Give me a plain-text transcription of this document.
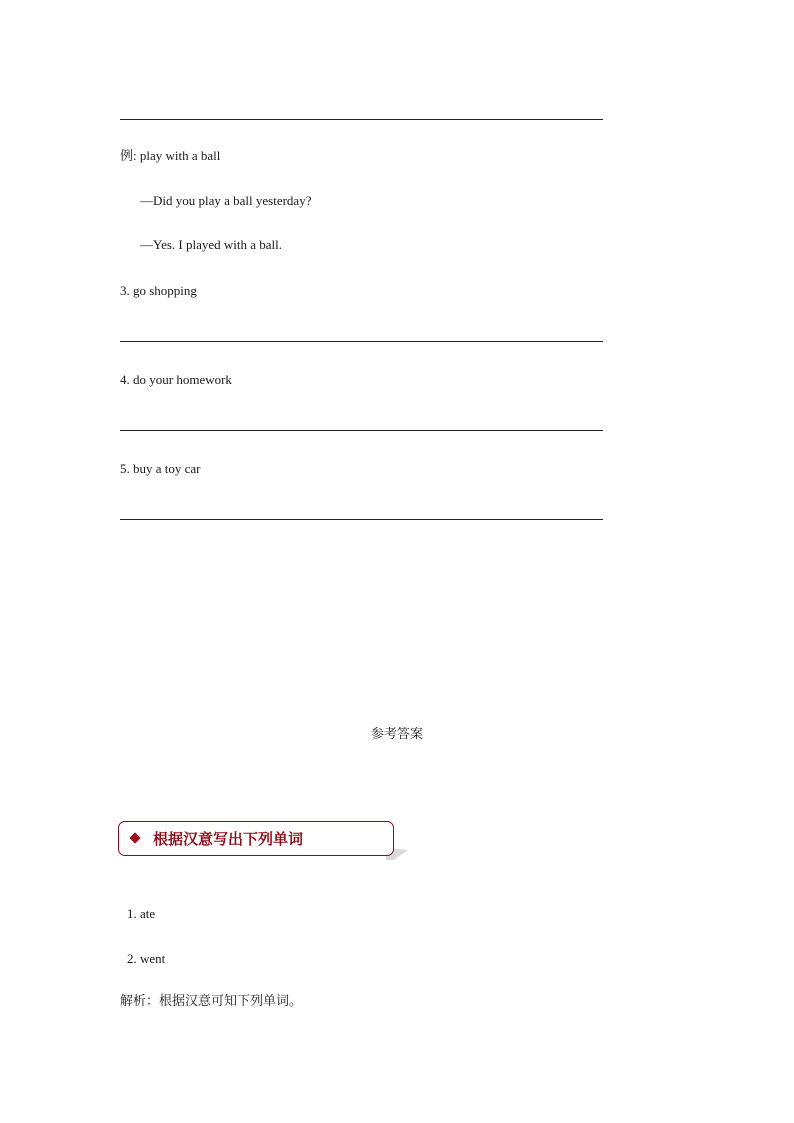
例: play with a ball
—Did you play a ball yesterday?
—Yes. I played with a ball.
3. go shopping
4. do your homework
5. buy a toy car
参考答案
根据汉意写出下列单词
1. ate
2. went
解析：根据汉意可知下列单词。
